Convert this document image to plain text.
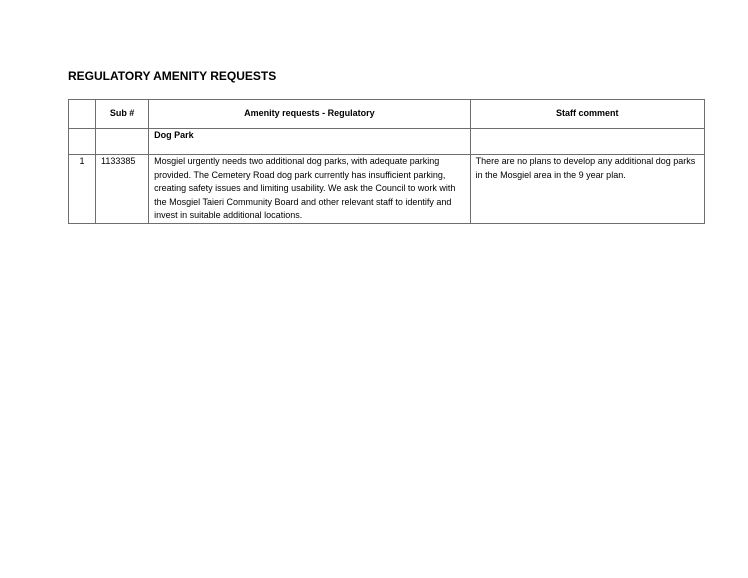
REGULATORY AMENITY REQUESTS
	Sub #	Amenity requests - Regulatory	Staff comment
		Dog Park	
1	1133385	Mosgiel urgently needs two additional dog parks, with adequate parking provided. The Cemetery Road dog park currently has insufficient parking, creating safety issues and limiting usability. We ask the Council to work with the Mosgiel Taieri Community Board and other relevant staff to identify and invest in suitable additional locations.	There are no plans to develop any additional dog parks in the Mosgiel area in the 9 year plan.
